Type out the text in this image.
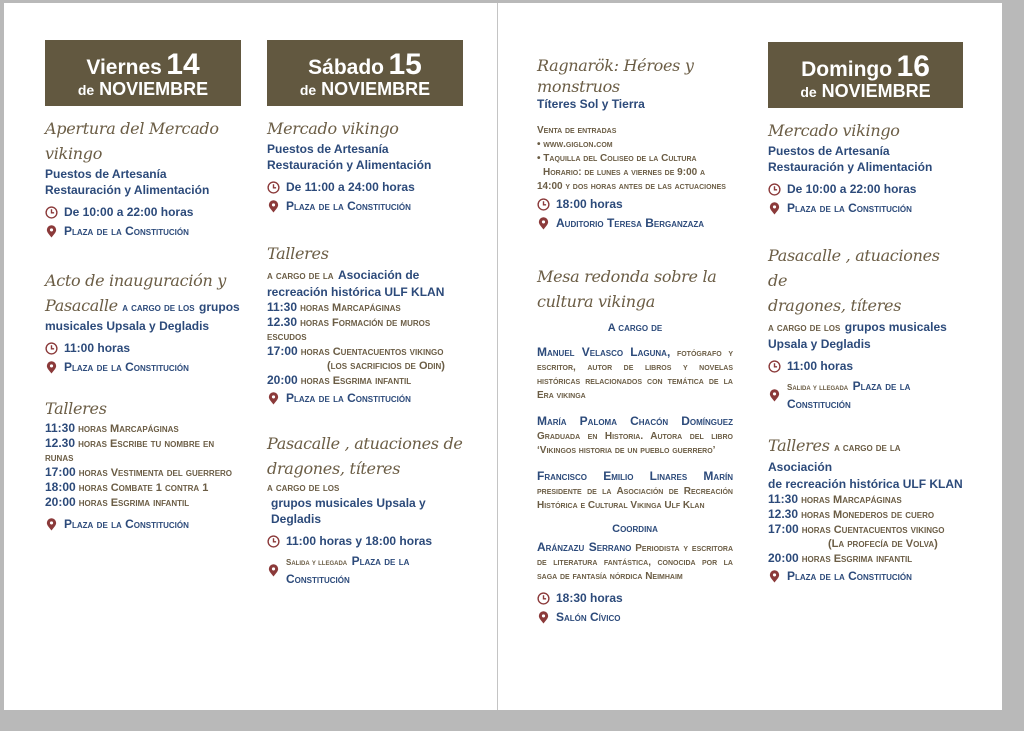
Viernes 14
de NOVIEMBRE
Apertura del Mercado vikingo
Puestos de Artesanía
Restauración y Alimentación
De 10:00 a 22:00 horas
Plaza de la Constitución
Acto de inauguración y
Pasacalle a cargo de los grupos
musicales Upsala y Degladis
11:00 horas
Plaza de la Constitución
Talleres
11:30 horas Marcapáginas
12.30 horas Escribe tu nombre en runas
17:00 horas Vestimenta del guerrero
18:00 horas Combate 1 contra 1
20:00 horas Esgrima infantil
Plaza de la Constitución
Sábado 15
de NOVIEMBRE
Mercado vikingo
Puestos de Artesanía
Restauración y Alimentación
De 11:00 a 24:00 horas
Plaza de la Constitución
Talleres
a cargo de la Asociación de
recreación histórica ULF KLAN
11:30 horas Marcapáginas
12.30 horas Formación de muros escudos
17:00 horas Cuentacuentos vikingo
(los sacrificios de Odin)
20:00 horas Esgrima infantil
Plaza de la Constitución
Pasacalle , atuaciones de
dragones, títeres
a cargo de los
grupos musicales Upsala y Degladis
11:00 horas y 18:00 horas
Salida y llegada Plaza de la Constitución
Ragnarök: Héroes y
monstruos
Títeres Sol y Tierra
Venta de entradas
• www.giglon.com
• Taquilla del Coliseo de la Cultura
Horario: de lunes a viernes de 9:00 a
14:00 y dos horas antes de las actuaciones
18:00 horas
Auditorio Teresa Berganzaza
Mesa redonda sobre la
cultura vikinga
A cargo de
Manuel Velasco Laguna, fotógrafo y escritor, autor de libros y novelas históricas relacionados con temática de la Era vikinga
María Paloma Chacón Domínguez Graduada en Historia. Autora del libro ‘Vikingos historia de un pueblo guerrero’
Francisco Emilio Linares Marín presidente de la Asociación de Recreación Histórica e Cultural Vikinga Ulf Klan
Coordina
Aránzazu Serrano Periodista y escritora de literatura fantástica, conocida por la saga de fantasía nórdica Neimhaim
18:30 horas
Salón Cívico
Domingo 16
de NOVIEMBRE
Mercado vikingo
Puestos de Artesanía
Restauración y Alimentación
De 10:00 a 22:00 horas
Plaza de la Constitución
Pasacalle , atuaciones de
dragones, títeres
a cargo de los grupos musicales
Upsala y Degladis
11:00 horas
Salida y llegada Plaza de la Constitución
Talleres a cargo de la Asociación
de recreación histórica ULF KLAN
11:30 horas Marcapáginas
12.30 horas Monederos de cuero
17:00 horas Cuentacuentos vikingo
(La profecía de Volva)
20:00 horas Esgrima infantil
Plaza de la Constitución
